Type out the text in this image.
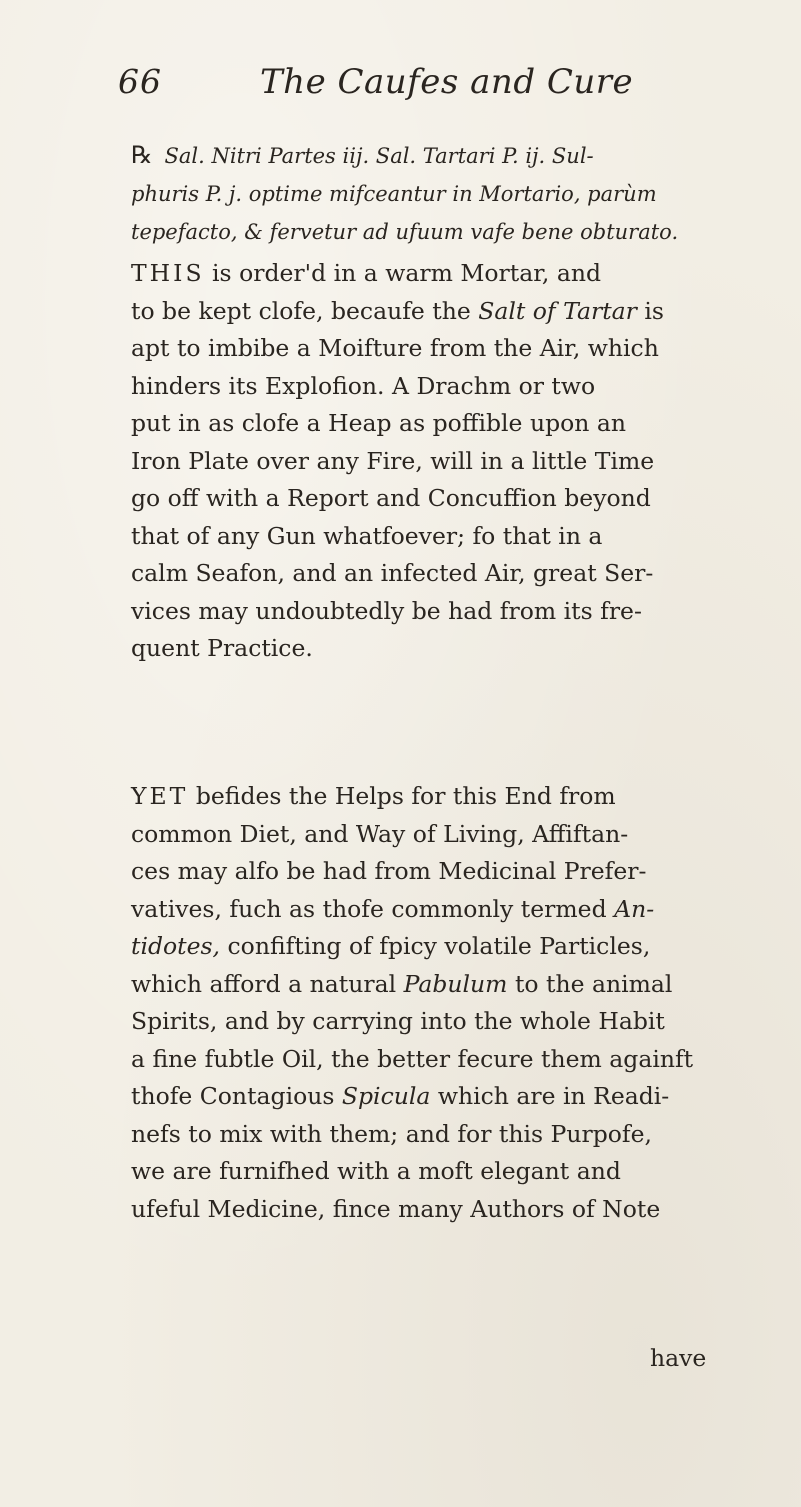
66	The Caufes and Cure
℞ Sal. Nitri Partes iij. Sal. Tartari P. ij. Sul-
phuris P. j. optime mifceantur in Mortario, parùm
tepefacto, & fervetur ad ufuum vafe bene obturato.
THIS is order'd in a warm Mortar, and
to be kept clofe, becaufe the Salt of Tartar is
apt to imbibe a Moifture from the Air, which
hinders its Explofion. A Drachm or two
put in as clofe a Heap as poffible upon an
Iron Plate over any Fire, will in a little Time
go off with a Report and Concuffion beyond
that of any Gun whatfoever; fo that in a
calm Seafon, and an infected Air, great Ser-
vices may undoubtedly be had from its fre-
quent Practice.
YET befides the Helps for this End from
common Diet, and Way of Living, Affiftan-
ces may alfo be had from Medicinal Prefer-
vatives, fuch as thofe commonly termed An-
tidotes, confifting of fpicy volatile Particles,
which afford a natural Pabulum to the animal
Spirits, and by carrying into the whole Habit
a fine fubtle Oil, the better fecure them againft
thofe Contagious Spicula which are in Readi-
nefs to mix with them; and for this Purpofe,
we are furnifhed with a moft elegant and
ufeful Medicine, fince many Authors of Note
have
